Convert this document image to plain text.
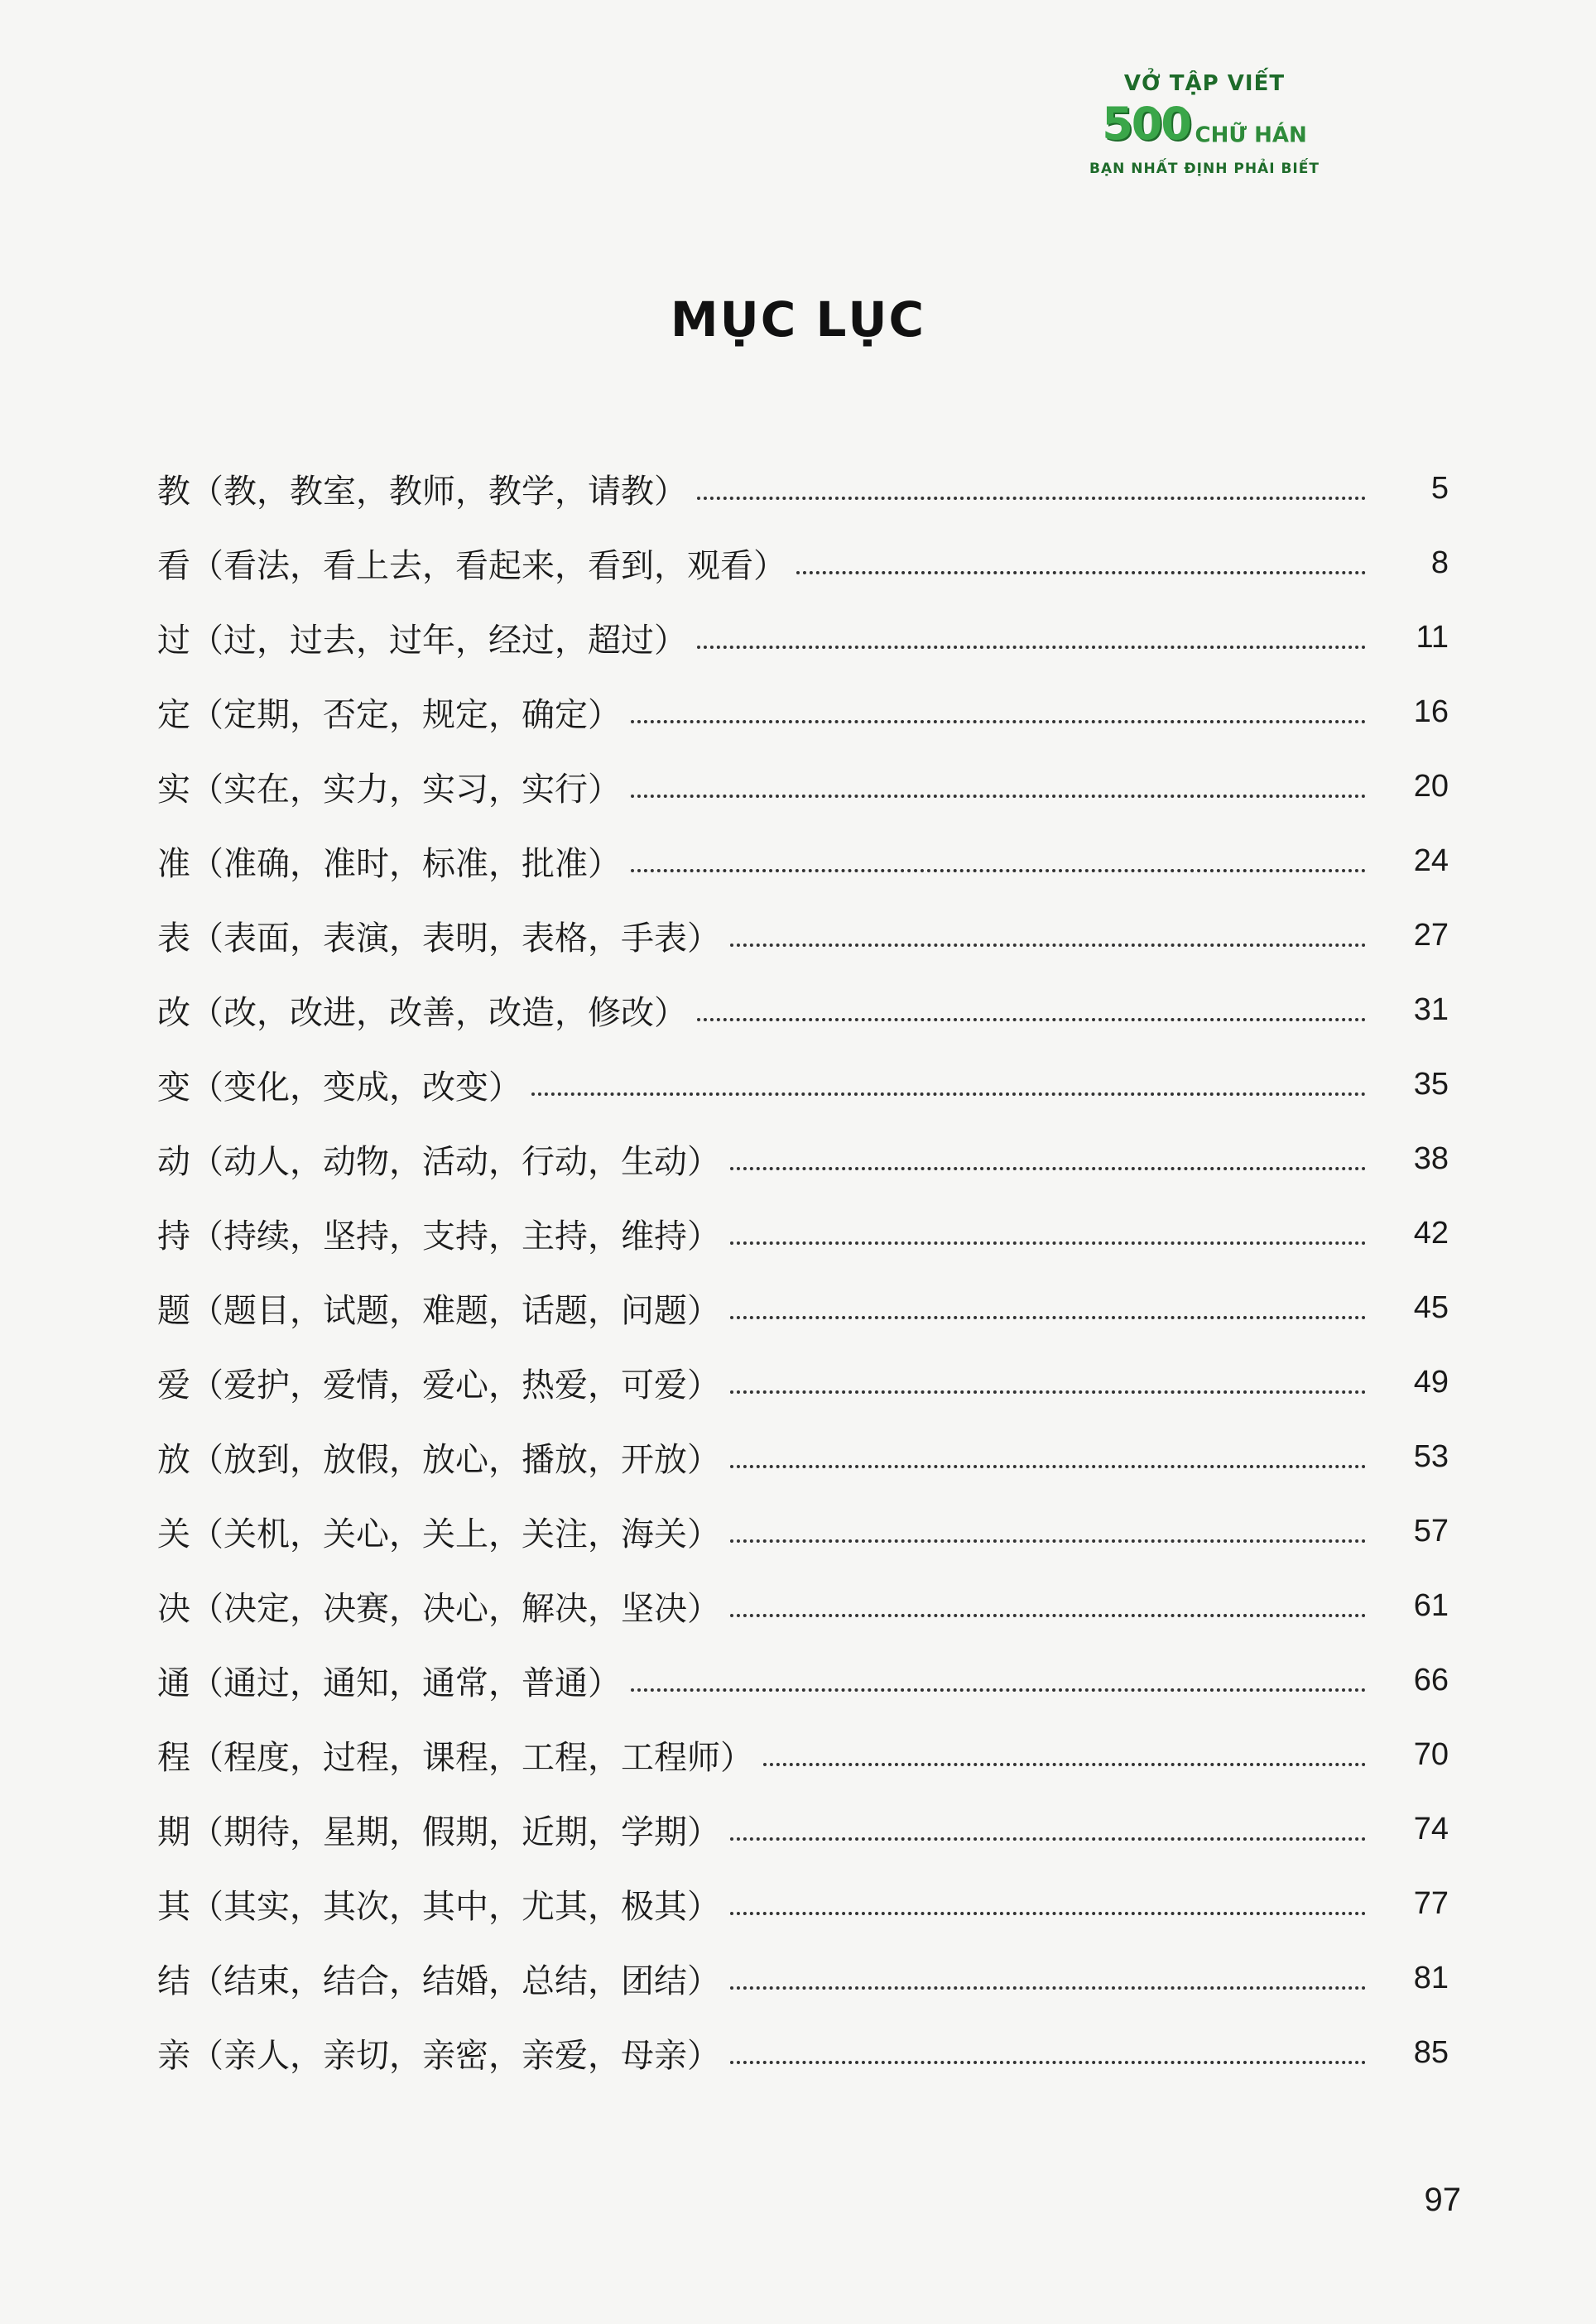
VỞ TẬP VIẾT
500 CHỮ HÁN
BẠN NHẤT ĐỊNH PHẢI BIẾT
MỤC LỤC
教（教，教室，教师，教学，请教）	5
看（看法，看上去，看起来，看到，观看）	8
过（过，过去，过年，经过，超过）	11
定（定期，否定，规定，确定）	16
实（实在，实力，实习，实行）	20
准（准确，准时，标准，批准）	24
表（表面，表演，表明，表格，手表）	27
改（改，改进，改善，改造，修改）	31
变（变化，变成，改变）	35
动（动人，动物，活动，行动，生动）	38
持（持续，坚持，支持，主持，维持）	42
题（题目，试题，难题，话题，问题）	45
爱（爱护，爱情，爱心，热爱，可爱）	49
放（放到，放假，放心，播放，开放）	53
关（关机，关心，关上，关注，海关）	57
决（决定，决赛，决心，解决，坚决）	61
通（通过，通知，通常，普通）	66
程（程度，过程，课程，工程，工程师）	70
期（期待，星期，假期，近期，学期）	74
其（其实，其次，其中，尤其，极其）	77
结（结束，结合，结婚，总结，团结）	81
亲（亲人，亲切，亲密，亲爱，母亲）	85
97
